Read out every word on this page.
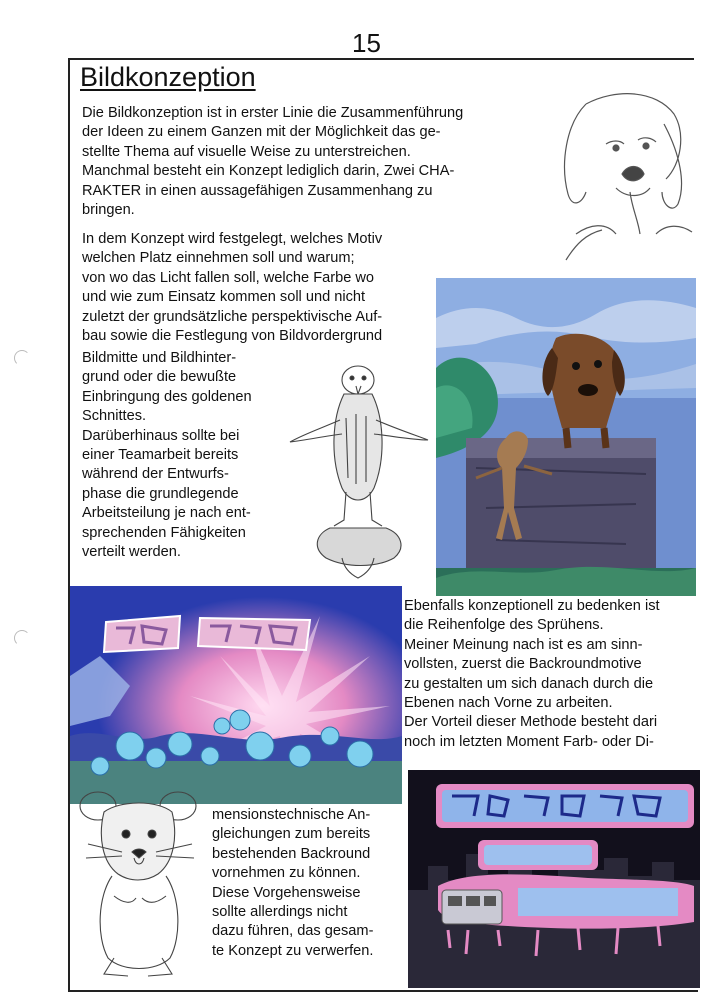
15
Bildkonzeption
Die Bildkonzeption ist in erster Linie die Zusammenführung
der Ideen zu einem Ganzen mit der Möglichkeit das ge-
stellte Thema auf visuelle Weise zu unterstreichen.
Manchmal besteht ein Konzept lediglich darin, Zwei CHA-
RAKTER in einen aussagefähigen Zusammenhang zu
bringen.
In dem Konzept wird festgelegt, welches Motiv
welchen Platz einnehmen soll und warum;
von wo das Licht fallen soll, welche Farbe wo
und wie zum Einsatz kommen soll und nicht
zuletzt der grundsätzliche perspektivische Auf-
bau sowie die Festlegung von Bildvordergrund
Bildmitte und Bildhinter-
grund oder die bewußte
Einbringung des goldenen
Schnittes.
Darüberhinaus sollte bei
einer Teamarbeit bereits
während der Entwurfs-
phase die grundlegende
Arbeitsteilung je nach ent-
sprechenden Fähigkeiten
verteilt werden.
Ebenfalls konzeptionell zu bedenken ist
die Reihenfolge des Sprühens.
Meiner Meinung nach ist es am sinn-
vollsten, zuerst die Backroundmotive
zu gestalten um sich danach durch die
Ebenen nach Vorne zu arbeiten.
Der Vorteil dieser Methode besteht dari
noch im letzten Moment Farb- oder Di-
mensionstechnische An-
gleichungen zum bereits
bestehenden Backround
vornehmen zu können.
Diese Vorgehensweise
sollte allerdings nicht
dazu führen, das gesam-
te Konzept zu verwerfen.
